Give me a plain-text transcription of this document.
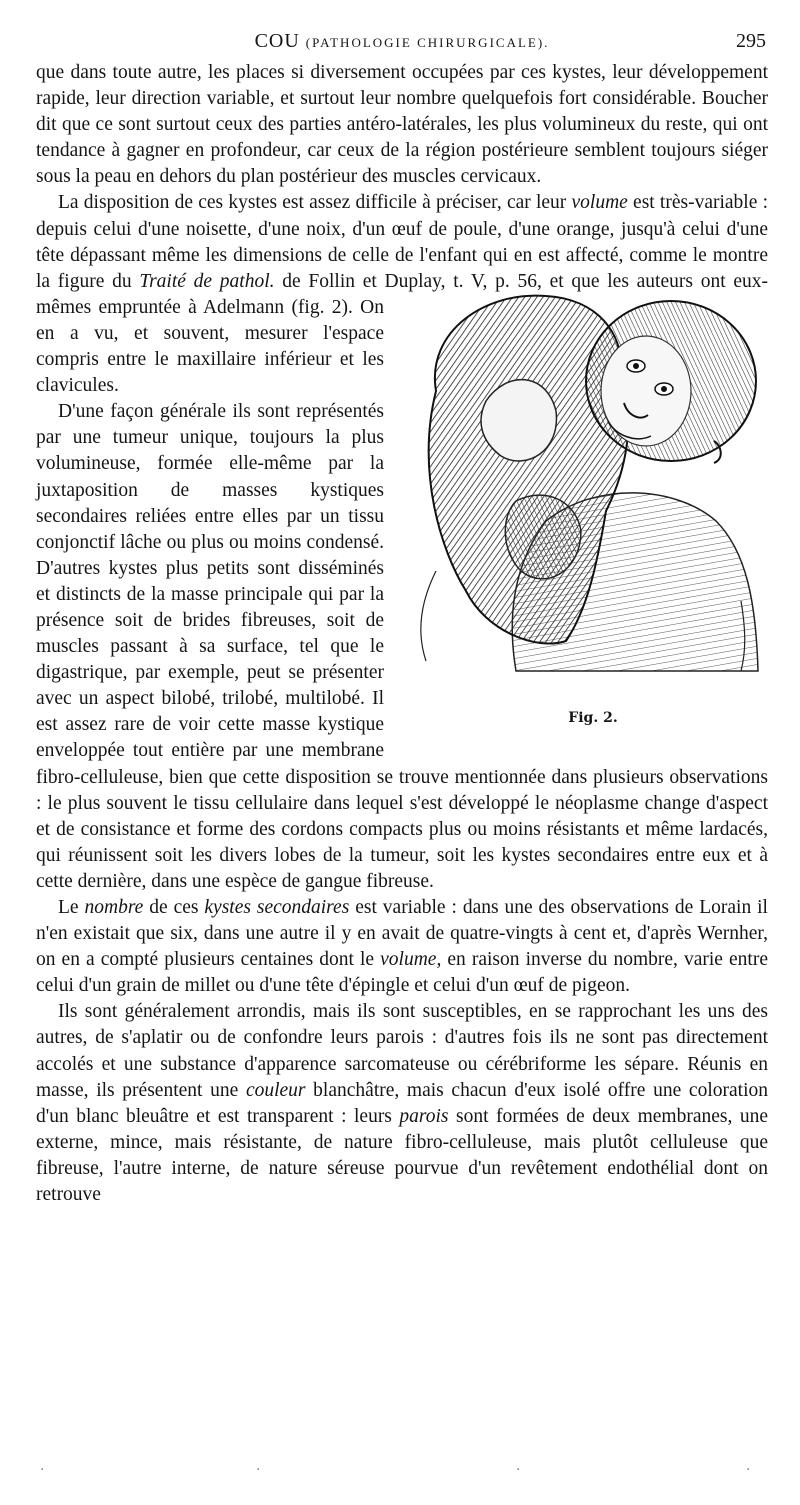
COU (PATHOLOGIE CHIRURGICALE).	295

que dans toute autre, les places si diversement occupées par ces kystes, leur développement rapide, leur direction variable, et surtout leur nombre quelquefois fort considérable. Boucher dit que ce sont surtout ceux des parties antéro-latérales, les plus volumineux du reste, qui ont tendance à gagner en profondeur, car ceux de la région postérieure semblent toujours siéger sous la peau en dehors du plan postérieur des muscles cervicaux.

La disposition de ces kystes est assez difficile à préciser, car leur volume est très-variable : depuis celui d'une noisette, d'une noix, d'un œuf de poule, d'une orange, jusqu'à celui d'une tête dépassant même les dimensions de celle de l'enfant qui en est affecté, comme le montre la figure du
Fig. 2.
Traité de pathol. de Follin et Duplay, t. V, p. 56, et que les auteurs ont eux-mêmes empruntée à Adelmann (fig. 2). On en a vu, et souvent, mesurer l'espace compris entre le maxillaire inférieur et les clavicules.

D'une façon générale ils sont représentés par une tumeur unique, toujours la plus volumineuse, formée elle-même par la juxtaposition de masses kystiques secondaires reliées entre elles par un tissu conjonctif lâche ou plus ou moins condensé. D'autres kystes plus petits sont disséminés et distincts de la masse principale qui par la présence soit de brides fibreuses, soit de muscles passant à sa surface, tel que le digastrique, par exemple, peut se présenter avec un aspect bilobé, trilobé, multilobé. Il est assez rare de voir cette masse kystique enveloppée tout entière par une membrane fibro-celluleuse, bien que cette disposition se trouve mentionnée dans plusieurs observations : le plus souvent le tissu cellulaire dans lequel s'est développé le néoplasme change d'aspect et de consistance et forme des cordons compacts plus ou moins résistants et même lardacés, qui réunissent soit les divers lobes de la tumeur, soit les kystes secondaires entre eux et à cette dernière, dans une espèce de gangue fibreuse.

Le nombre de ces kystes secondaires est variable : dans une des observations de Lorain il n'en existait que six, dans une autre il y en avait de quatre-vingts à cent et, d'après Wernher, on en a compté plusieurs centaines dont le volume, en raison inverse du nombre, varie entre celui d'un grain de millet ou d'une tête d'épingle et celui d'un œuf de pigeon.

Ils sont généralement arrondis, mais ils sont susceptibles, en se rapprochant les uns des autres, de s'aplatir ou de confondre leurs parois : d'autres fois ils ne sont pas directement accolés et une substance d'apparence sarcomateuse ou cérébriforme les sépare. Réunis en masse, ils présentent une couleur blanchâtre, mais chacun d'eux isolé offre une coloration d'un blanc bleuâtre et est transparent : leurs parois sont formées de deux membranes, une externe, mince, mais résistante, de nature fibro-celluleuse, mais plutôt celluleuse que fibreuse, l'autre interne, de nature séreuse pourvue d'un revêtement endothélial dont on retrouve

·	·	·	·
